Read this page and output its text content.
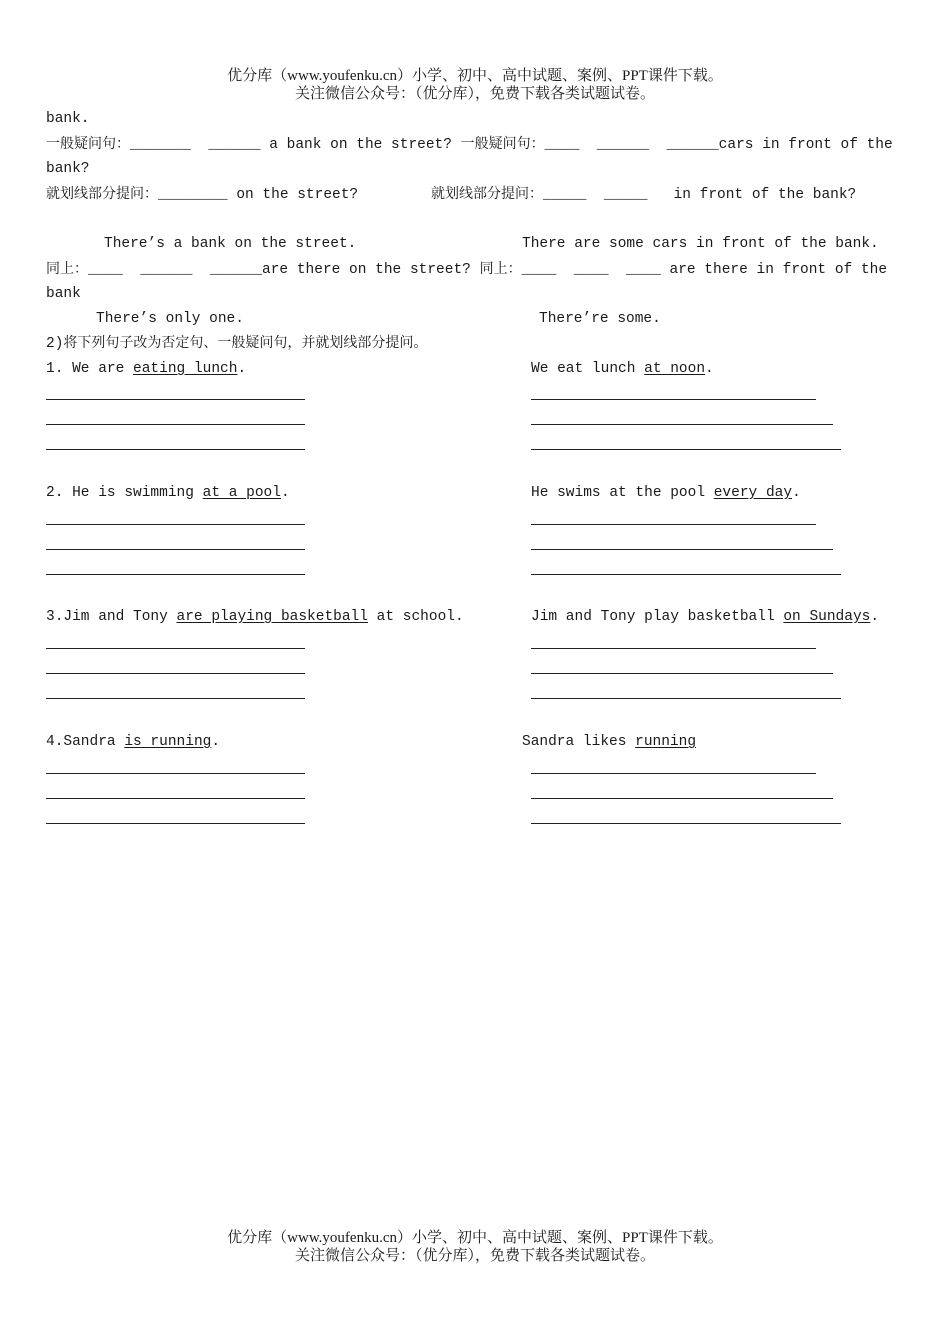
优分库（www.youfenku.cn）小学、初中、高中试题、案例、PPT课件下载。
关注微信公众号：（优分库），免费下载各类试题试卷。
bank.
一般疑问句：_______  ______ a bank on the street? 一般疑问句：____  ______  ______cars in front of the
bank?
就划线部分提问：________ on the street?	就划线部分提问：_____  _____   in front of the bank?
There’s a bank on the street.	There are some cars in front of the bank.
同上：____  ______  ______are there on the street? 同上：____  ____  ____ are there in front of the
bank
There’s only one.	There’re some.
2)将下列句子改为否定句、一般疑问句，并就划线部分提问。
1. We are eating lunch.	We eat lunch at noon.
2. He is swimming at a pool.	He swims at the pool every day.
3.Jim and Tony are playing basketball at school.	Jim and Tony play basketball on Sundays.
4.Sandra is running.	Sandra likes running
优分库（www.youfenku.cn）小学、初中、高中试题、案例、PPT课件下载。
关注微信公众号：（优分库），免费下载各类试题试卷。
